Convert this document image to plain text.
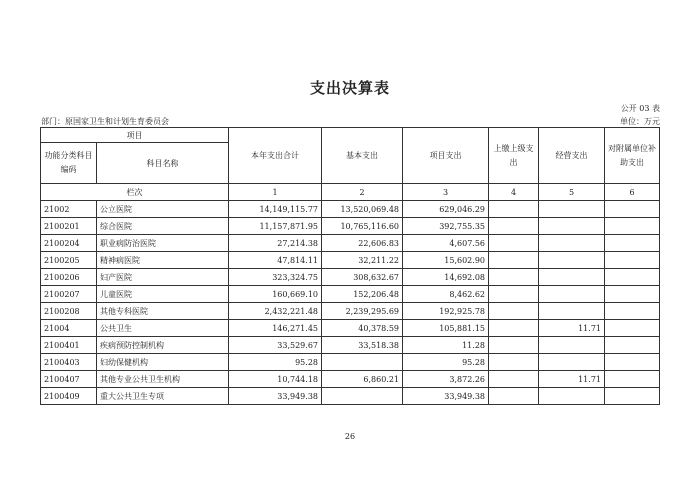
支出决算表
公开 03 表
部门：原国家卫生和计划生育委员会	单位：万元
项目		本年支出合计	基本支出	项目支出	上缴上级支出	经营支出	对附属单位补助支出
功能分类科目编码	科目名称						
栏次		1	2	3	4	5	6
21002	公立医院	14,149,115.77	13,520,069.48	629,046.29			
2100201	综合医院	11,157,871.95	10,765,116.60	392,755.35			
2100204	职业病防治医院	27,214.38	22,606.83	4,607.56			
2100205	精神病医院	47,814.11	32,211.22	15,602.90			
2100206	妇产医院	323,324.75	308,632.67	14,692.08			
2100207	儿童医院	160,669.10	152,206.48	8,462.62			
2100208	其他专科医院	2,432,221.48	2,239,295.69	192,925.78			
21004	公共卫生	146,271.45	40,378.59	105,881.15		11.71	
2100401	疾病预防控制机构	33,529.67	33,518.38	11.28			
2100403	妇幼保健机构	95.28		95.28			
2100407	其他专业公共卫生机构	10,744.18	6,860.21	3,872.26		11.71	
2100409	重大公共卫生专项	33,949.38		33,949.38			
26
